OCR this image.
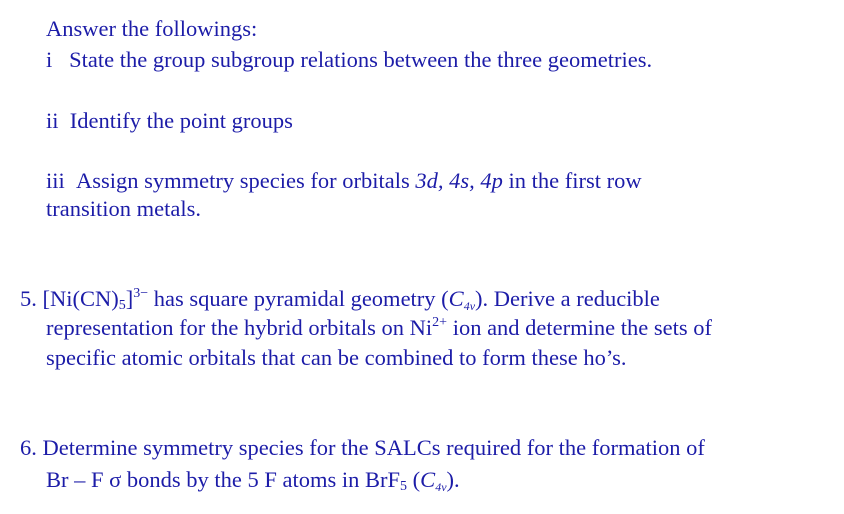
Answer the followings:
i State the group subgroup relations between the three geometries.
ii Identify the point groups
iii Assign symmetry species for orbitals 3d, 4s, 4p in the first row
transition metals.
5. $[Ni(CN)_5]^{3-}$ has square pyramidal geometry $(C_{4v})$. Derive a reducible
representation for the hybrid orbitals on $Ni^{2+}$ ion and determine the sets of
specific atomic orbitals that can be combined to form these ho’s.
6. Determine symmetry species for the SALCs required for the formation of
Br – F σ bonds by the 5 F atoms in BrF$_5$ $(C_{4v})$.
